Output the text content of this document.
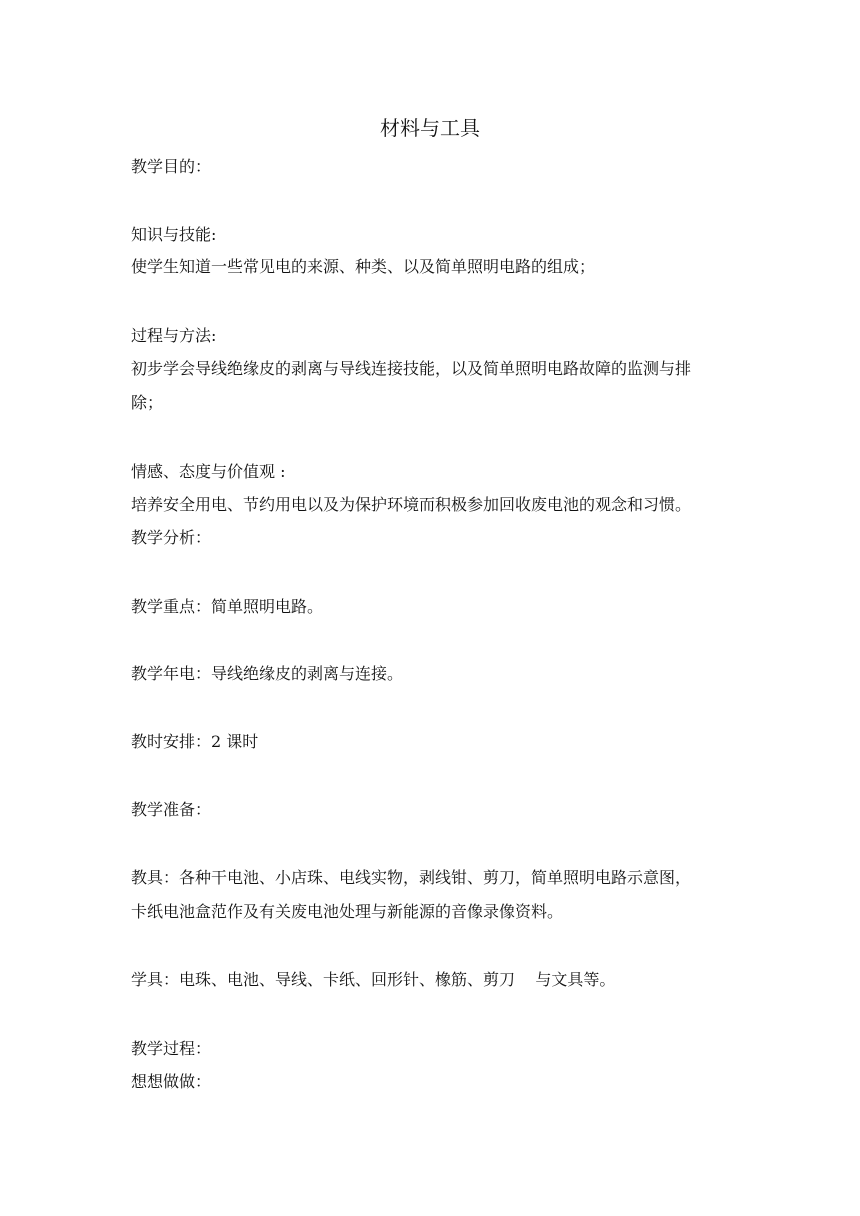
材料与工具
教学目的：
知识与技能:
使学生知道一些常见电的来源、种类、以及简单照明电路的组成；
过程与方法:
初步学会导线绝缘皮的剥离与导线连接技能，以及简单照明电路故障的监测与排
除；
情感、态度与价值观 :
培养安全用电、节约用电以及为保护环境而积极参加回收废电池的观念和习惯。
教学分析：
教学重点：简单照明电路。
教学年电：导线绝缘皮的剥离与连接。
教时安排：2 课时
教学准备：
教具：各种干电池、小店珠、电线实物，剥线钳、剪刀，简单照明电路示意图，
卡纸电池盒范作及有关废电池处理与新能源的音像录像资料。
学具：电珠、电池、导线、卡纸、回形针、橡筋、剪刀    与文具等。
教学过程：
想想做做：
